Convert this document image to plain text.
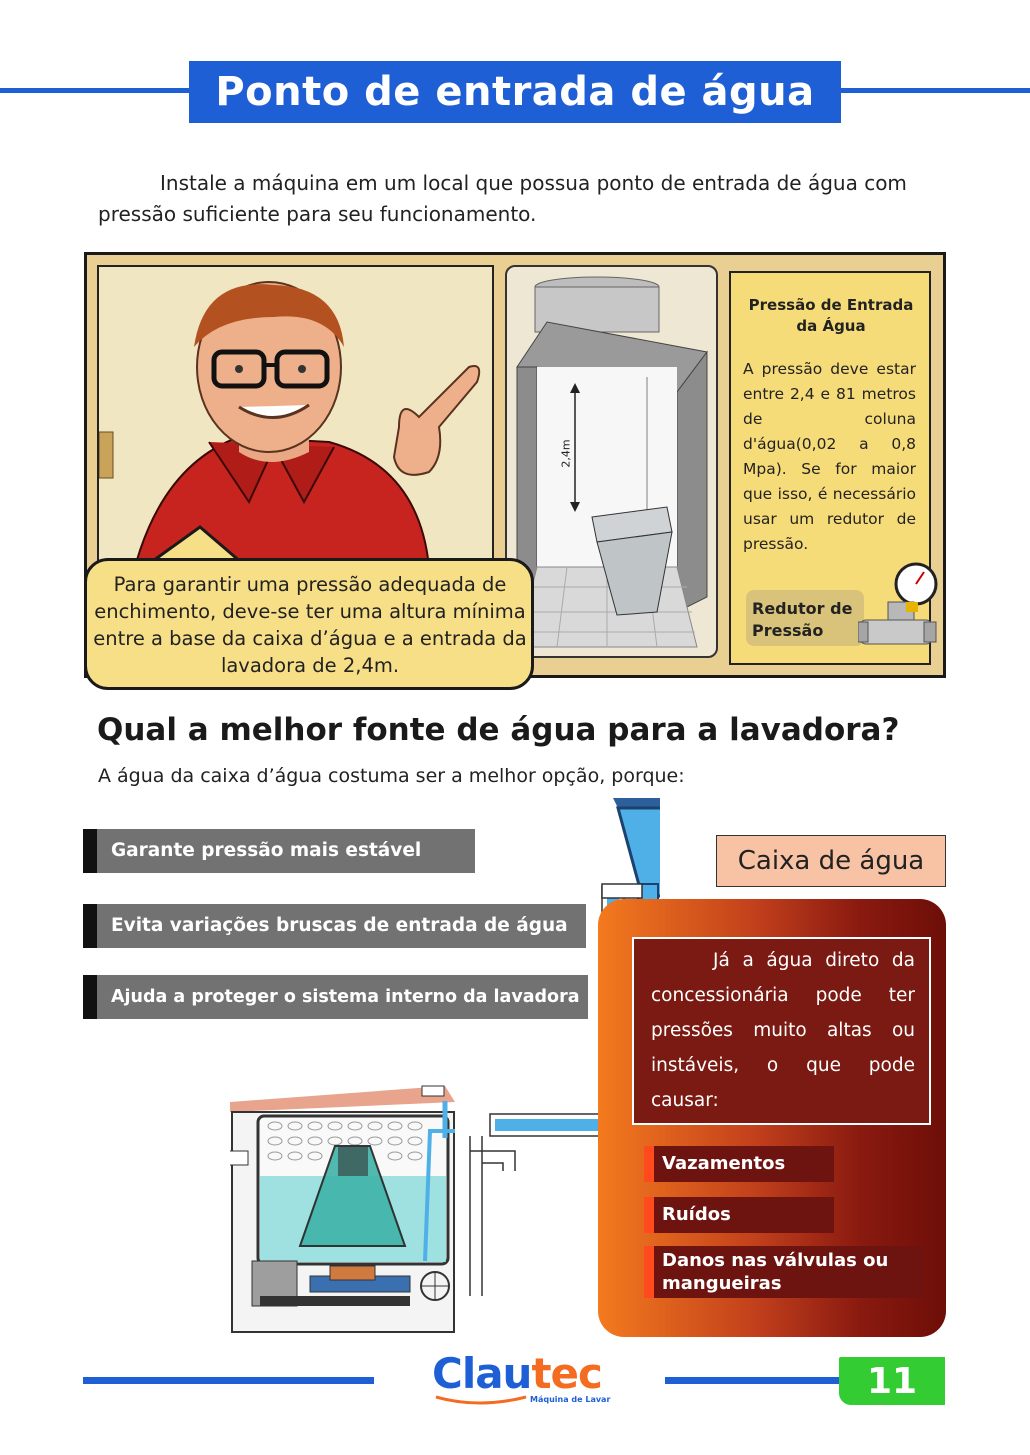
Ponto de entrada de água
Instale a máquina em um local que possua ponto de entrada de água com pressão suficiente para seu funcionamento.
2,4m
Pressão de Entrada da Água
A pressão deve estar entre 2,4 e 81 metros de coluna d'água(0,02 a 0,8 Mpa). Se for maior que isso, é necessário usar um redutor de pressão.
Redutor de Pressão
Para garantir uma pressão adequada de enchimento, deve-se ter uma altura mínima entre a base da caixa d’água e a entrada da lavadora de 2,4m.
Qual a melhor fonte de água para a lavadora?
A água da caixa d’água costuma ser a melhor opção, porque:
Garante pressão mais estável
Evita variações bruscas de entrada de água
Ajuda a proteger o sistema interno da lavadora
Caixa de água
Já a água direto da concessionária pode ter pressões muito altas ou instáveis, o que pode causar:
Vazamentos
Ruídos
Danos nas válvulas ou mangueiras
Clautec
Máquina de Lavar	11
